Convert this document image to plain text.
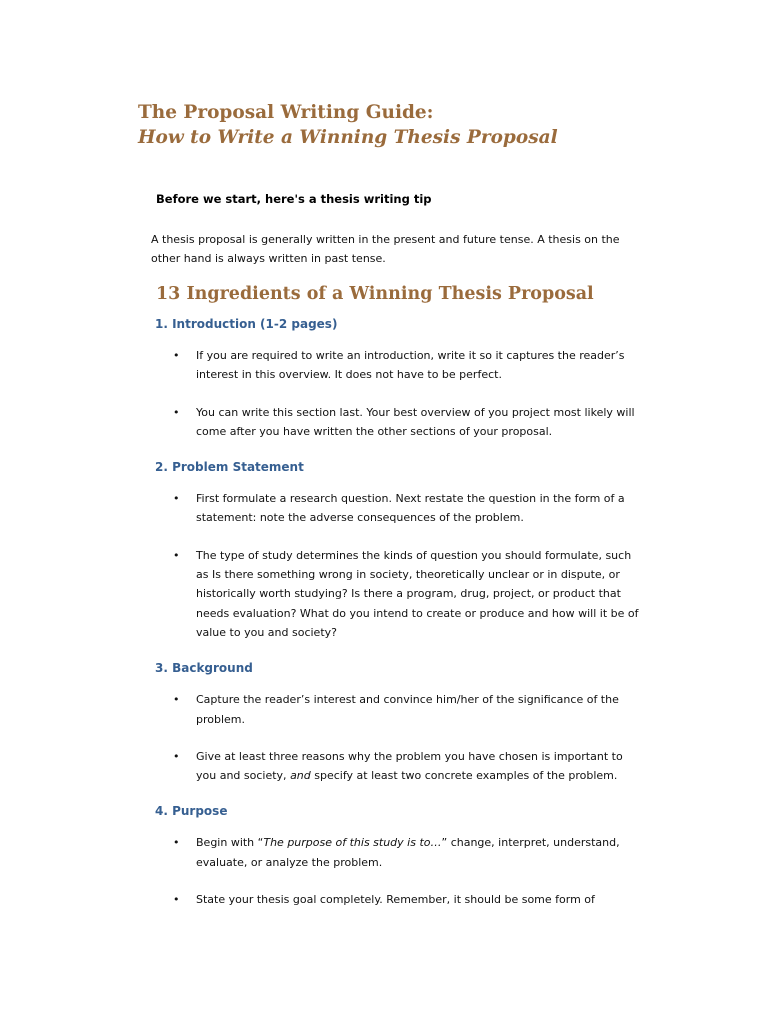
The Proposal Writing Guide:
How to Write a Winning Thesis Proposal

Before we start, here's a thesis writing tip

A thesis proposal is generally written in the present and future tense. A thesis on the other hand is always written in past tense.

13 Ingredients of a Winning Thesis Proposal
1. Introduction (1-2 pages)
• If you are required to write an introduction, write it so it captures the reader’s interest in this overview. It does not have to be perfect.
• You can write this section last. Your best overview of you project most likely will come after you have written the other sections of your proposal.
2. Problem Statement
• First formulate a research question. Next restate the question in the form of a statement: note the adverse consequences of the problem.
• The type of study determines the kinds of question you should formulate, such as Is there something wrong in society, theoretically unclear or in dispute, or historically worth studying? Is there a program, drug, project, or product that needs evaluation? What do you intend to create or produce and how will it be of value to you and society?
3. Background
• Capture the reader’s interest and convince him/her of the significance of the problem.
• Give at least three reasons why the problem you have chosen is important to you and society, and specify at least two concrete examples of the problem.
4. Purpose
• Begin with “The purpose of this study is to…” change, interpret, understand, evaluate, or analyze the problem.
• State your thesis goal completely. Remember, it should be some form of
